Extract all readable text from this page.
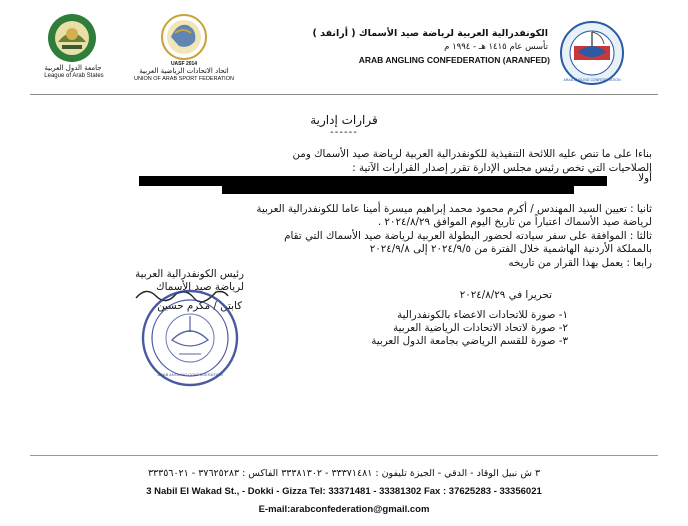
جامعة الدول العربية
League of Arab States
UASF 2014
اتحاد الاتحادات الرياضية العربية
UNION OF ARAB SPORT FEDERATION
الكونفدرالية العربية لرياضة صيد الأسماك ( أرانفد )
تأسس عام ١٤١٥ هـ - ١٩٩٤ م
ARAB ANGLING CONFEDERATION (ARANFED)
ARAB ANGLING CONFEDERATION
قرارات إدارية
------
بناءا على ما تنص عليه اللائحة التنفيذية للكونفدرالية العربية لرياضة صيد الأسماك ومن
الصلاحيات التي تخص رئيس مجلس الإدارة تقرر إصدار القرارات الآتية :
أولا
ثانيا : تعيين السيد المهندس / أكرم محمود محمد إبراهيم ميسرة أمينا عاما للكونفدرالية العربية
لرياضة صيد الأسماك اعتباراً من تاريخ اليوم الموافق ٢٠٢٤/٨/٢٩ .
ثالثا : الموافقة على سفر سيادته لحضور البطولة العربية لرياضة صيد الأسماك التي تقام
بالمملكة الأردنية الهاشمية خلال الفترة من ٢٠٢٤/٩/٥ إلى ٢٠٢٤/٩/٨
رابعا : يعمل بهذا القرار من تاريخه
رئيس الكونفدرالية العربية
لرياضة صيد الأسماك
كابتن / مكرم حسين
ARAB ANGLING CONFEDERATION
تحريرا في ٢٠٢٤/٨/٢٩
١- صورة للاتحادات الاعضاء بالكونفدرالية
٢- صورة لاتحاد الاتحادات الرياضية العربية
٣- صورة للقسم الرياضي بجامعة الدول العربية
٣ ش نبيل الوقاد - الدقي - الجيزة تليفون : ٣٣٣٧١٤٨١ - ٣٣٣٨١٣٠٢ الفاكس : ٣٧٦٢٥٢٨٣ - ٣٣٣٥٦٠٢١
3 Nabil El Wakad St., - Dokki - Gizza Tel: 33371481 - 33381302 Fax : 37625283 - 33356021
E-mail:arabconfederation@gmail.com
